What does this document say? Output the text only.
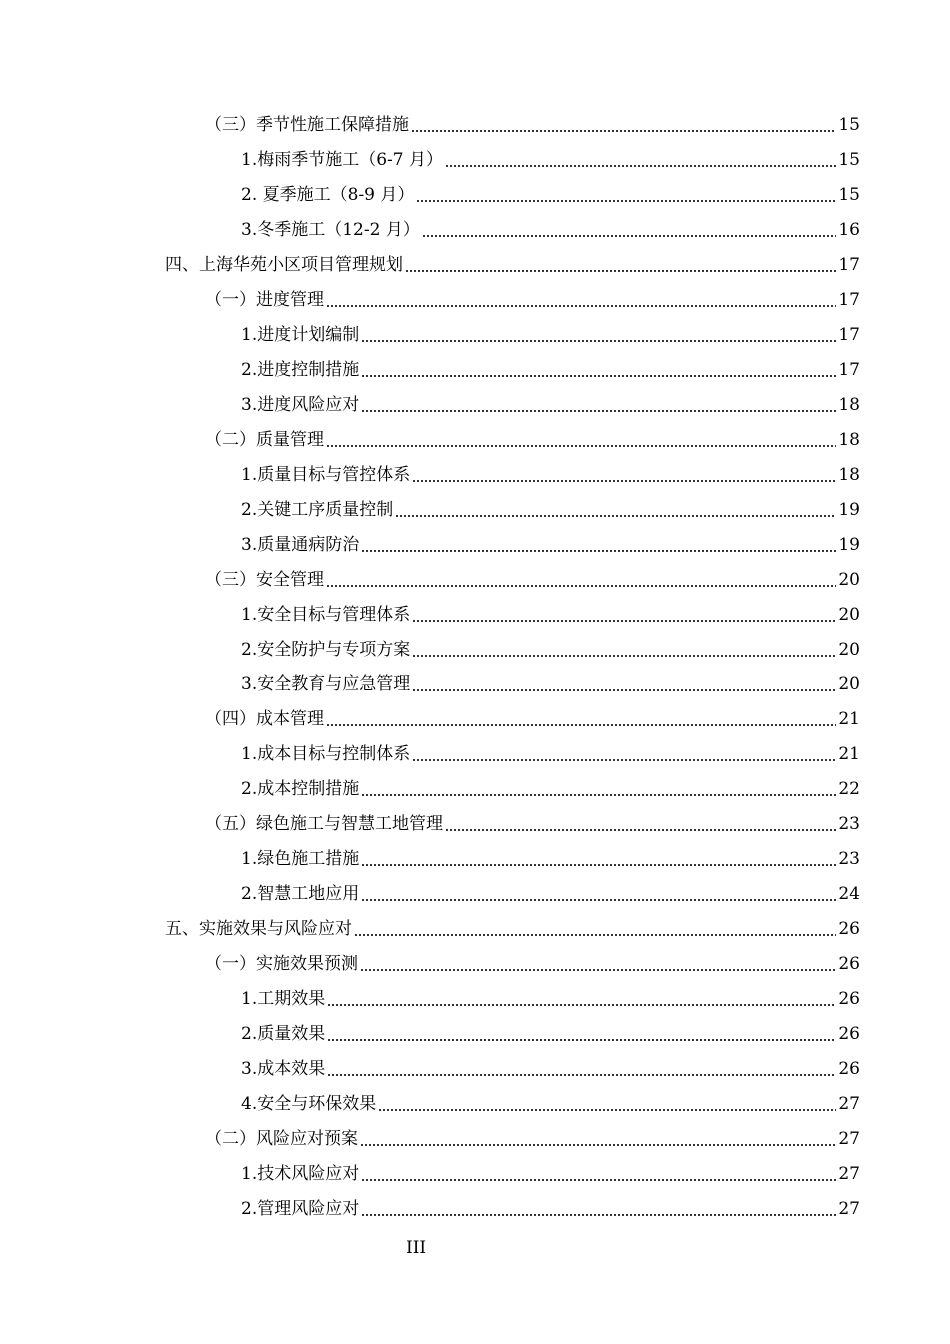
（三）季节性施工保障措施	15
1.梅雨季节施工（6-7 月）	15
2. 夏季施工（8-9 月）	15
3.冬季施工（12-2 月）	16
四、上海华苑小区项目管理规划	17
（一）进度管理	17
1.进度计划编制	17
2.进度控制措施	17
3.进度风险应对	18
（二）质量管理	18
1.质量目标与管控体系	18
2.关键工序质量控制	19
3.质量通病防治	19
（三）安全管理	20
1.安全目标与管理体系	20
2.安全防护与专项方案	20
3.安全教育与应急管理	20
（四）成本管理	21
1.成本目标与控制体系	21
2.成本控制措施	22
（五）绿色施工与智慧工地管理	23
1.绿色施工措施	23
2.智慧工地应用	24
五、实施效果与风险应对	26
（一）实施效果预测	26
1.工期效果	26
2.质量效果	26
3.成本效果	26
4.安全与环保效果	27
（二）风险应对预案	27
1.技术风险应对	27
2.管理风险应对	27
III
